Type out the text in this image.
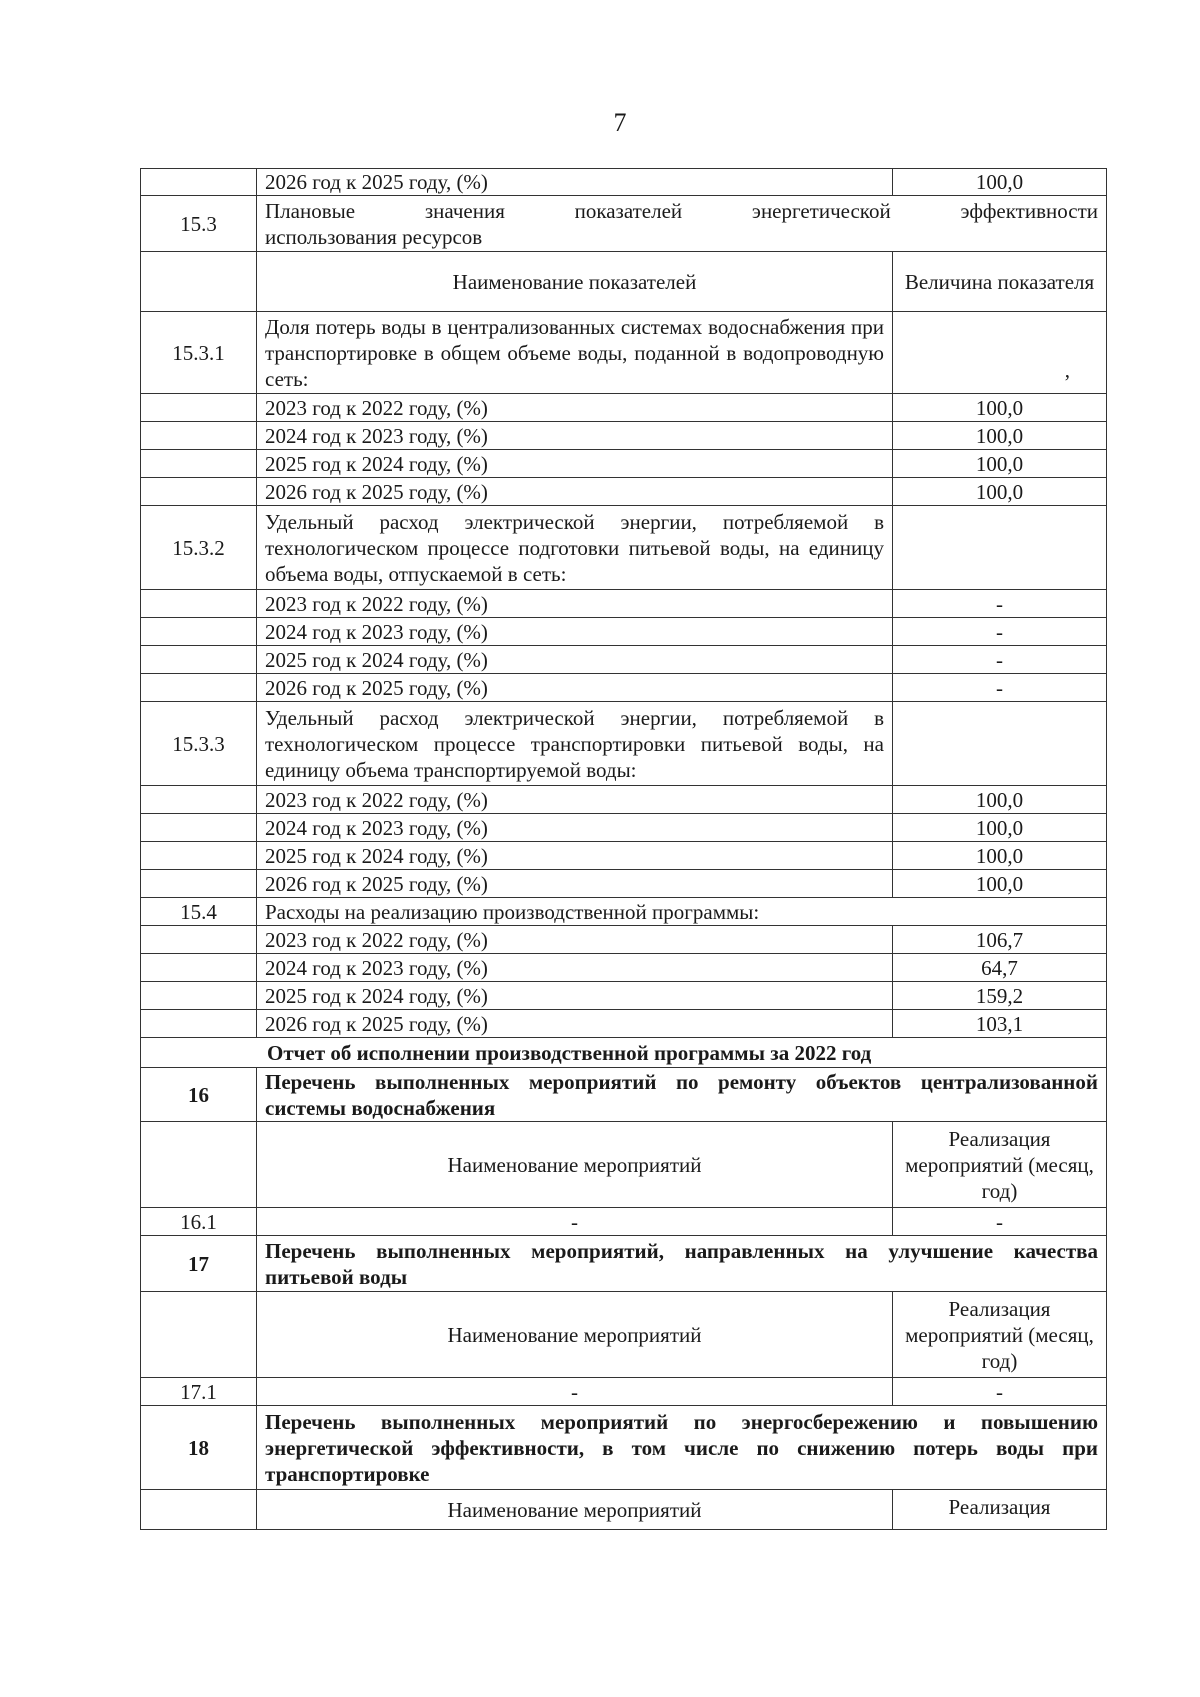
7
	2026 год к 2025 году, (%)	100,0
15.3	Плановые значения показателей энергетической эффективности
использования ресурсов	

	Наименование показателей	Величина показателя
15.3.1	Доля потерь воды в централизованных системах водоснабжения при транспортировке в общем объеме воды, поданной в водопроводную сеть:	,
	2023 год к 2022 году, (%)	100,0
	2024 год к 2023 году, (%)	100,0
	2025 год к 2024 году, (%)	100,0
	2026 год к 2025 году, (%)	100,0
15.3.2	Удельный расход электрической энергии, потребляемой в технологическом процессе подготовки питьевой воды, на единицу объема воды, отпускаемой в сеть:	
	2023 год к 2022 году, (%)	-
	2024 год к 2023 году, (%)	-
	2025 год к 2024 году, (%)	-
	2026 год к 2025 году, (%)	-
15.3.3	Удельный расход электрической энергии, потребляемой в технологическом процессе транспортировки питьевой воды, на единицу объема транспортируемой воды:	
	2023 год к 2022 году, (%)	100,0
	2024 год к 2023 году, (%)	100,0
	2025 год к 2024 году, (%)	100,0
	2026 год к 2025 году, (%)	100,0
15.4	Расходы на реализацию производственной программы:	
	2023 год к 2022 году, (%)	106,7
	2024 год к 2023 году, (%)	64,7
	2025 год к 2024 году, (%)	159,2
	2026 год к 2025 году, (%)	103,1
Отчет об исполнении производственной программы за 2022 год		
16	Перечень выполненных мероприятий по ремонту объектов централизованной системы водоснабжения	
	Наименование мероприятий	Реализация мероприятий (месяц, год)
16.1	-	-
17	Перечень выполненных мероприятий, направленных на улучшение качества питьевой воды	
	Наименование мероприятий	Реализация мероприятий (месяц, год)
17.1	-	-
18	Перечень выполненных мероприятий по энергосбережению и повышению энергетической эффективности, в том числе по снижению потерь воды при транспортировке	
	Наименование мероприятий	Реализация
